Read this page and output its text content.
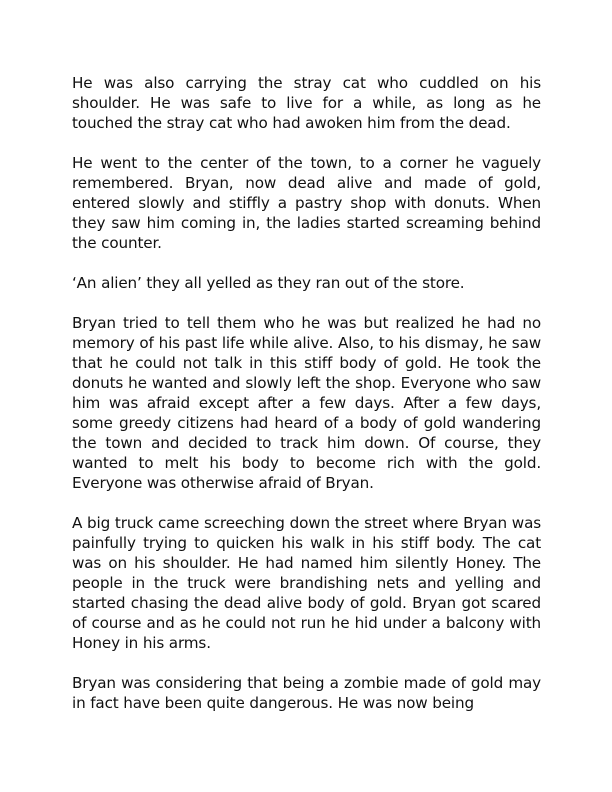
He was also carrying the stray cat who cuddled on his shoulder. He was safe to live for a while, as long as he touched the stray cat who had awoken him from the dead.

He went to the center of the town, to a corner he vaguely remembered. Bryan, now dead alive and made of gold, entered slowly and stiffly a pastry shop with donuts. When they saw him coming in, the ladies started screaming behind the counter.

‘An alien’ they all yelled as they ran out of the store.

Bryan tried to tell them who he was but realized he had no memory of his past life while alive. Also, to his dismay, he saw that he could not talk in this stiff body of gold. He took the donuts he wanted and slowly left the shop. Everyone who saw him was afraid except after a few days. After a few days, some greedy citizens had heard of a body of gold wandering the town and decided to track him down. Of course, they wanted to melt his body to become rich with the gold. Everyone was otherwise afraid of Bryan.

A big truck came screeching down the street where Bryan was painfully trying to quicken his walk in his stiff body. The cat was on his shoulder. He had named him silently Honey. The people in the truck were brandishing nets and yelling and started chasing the dead alive body of gold. Bryan got scared of course and as he could not run he hid under a balcony with Honey in his arms.

Bryan was considering that being a zombie made of gold may in fact have been quite dangerous. He was now being
